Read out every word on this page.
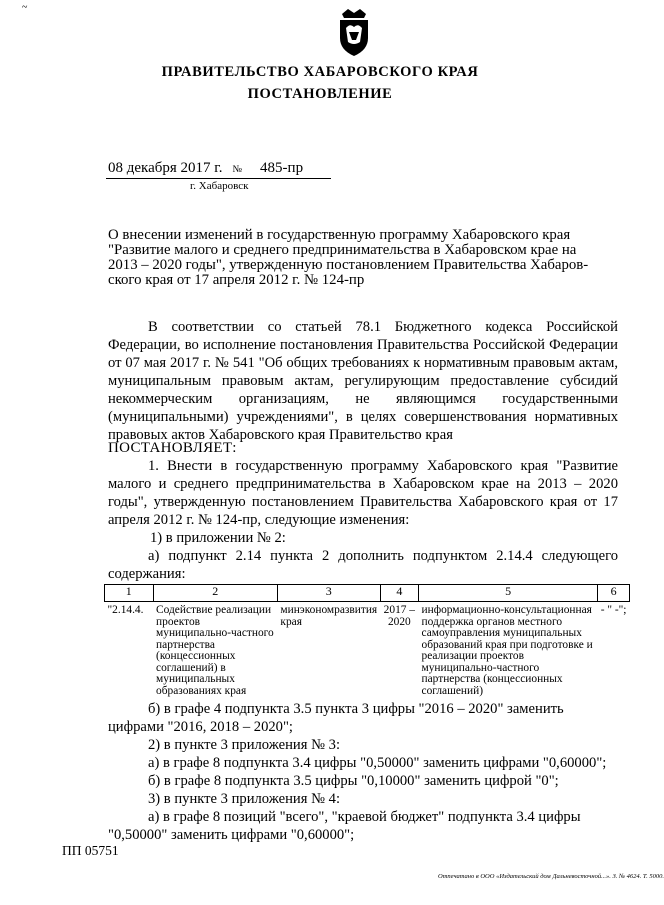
~
ПРАВИТЕЛЬСТВО ХАБАРОВСКОГО КРАЯ
ПОСТАНОВЛЕНИЕ
08 декабря 2017 г. № 485-пр
г. Хабаровск
О внесении изменений в государственную программу Хабаровского края
"Развитие малого и среднего предпринимательства в Хабаровском крае на
2013 – 2020 годы", утвержденную постановлением Правительства Хабаров-
ского края от 17 апреля 2012 г. № 124-пр
В соответствии со статьей 78.1 Бюджетного кодекса Российской Федерации, во исполнение постановления Правительства Российской Федерации от 07 мая 2017 г. № 541 "Об общих требованиях к нормативным правовым актам, муниципальным правовым актам, регулирующим предоставление субсидий некоммерческим организациям, не являющимся государственными (муниципальными) учреждениями", в целях совершенствования нормативных правовых актов Хабаровского края Правительство края
ПОСТАНОВЛЯЕТ:
1. Внести в государственную программу Хабаровского края "Развитие малого и среднего предпринимательства в Хабаровском крае на 2013 – 2020 годы", утвержденную постановлением Правительства Хабаровского края от 17 апреля 2012 г. № 124-пр, следующие изменения:
1) в приложении № 2:
а) подпункт 2.14 пункта 2 дополнить подпунктом 2.14.4 следующего содержания:
1	2	3	4	5	6
"2.14.4.	Содействие реализации проектов муниципально-частного партнерства (концессионных соглашений) в муниципальных образованиях края	минэкономразвития края	2017 – 2020	информационно-консультационная поддержка органов местного самоуправления муниципальных образований края при подготовке и реализации проектов муниципально-частного партнерства (концессионных соглашений)	- " -";
б) в графе 4 подпункта 3.5 пункта 3 цифры "2016 – 2020" заменить
цифрами "2016, 2018 – 2020";
2) в пункте 3 приложения № 3:
а) в графе 8 подпункта 3.4 цифры "0,50000" заменить цифрами "0,60000";
б) в графе 8 подпункта 3.5 цифры "0,10000" заменить цифрой "0";
3) в пункте 3 приложения № 4:
а) в графе 8 позиций "всего", "краевой бюджет" подпункта 3.4 цифры
"0,50000" заменить цифрами "0,60000";
ПП 05751
Отпечатано в ООО «Издательский дом Дальневосточной...». З. № 4624. Т. 5000.
